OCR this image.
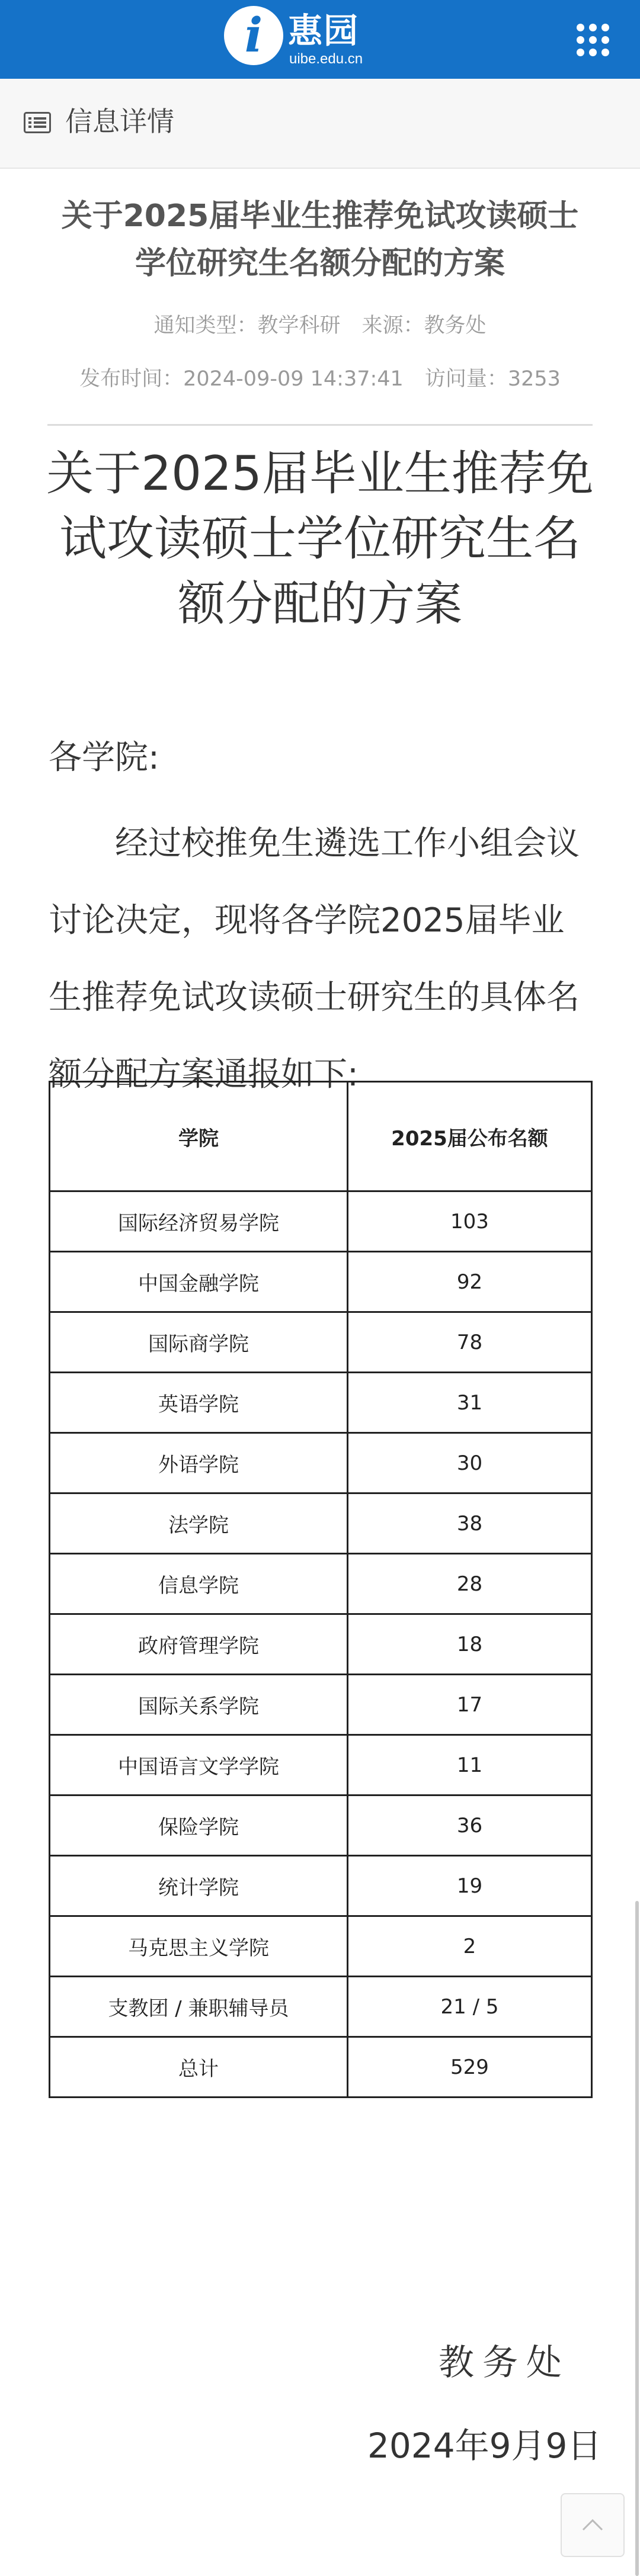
i 惠园
uibe.edu.cn
信息详情
关于2025届毕业生推荐免试攻读硕士学位研究生名额分配的方案
通知类型：教学科研 来源：教务处
发布时间：2024-09-09 14:37:41 访问量：3253
关于2025届毕业生推荐免试攻读硕士学位研究生名额分配的方案
各学院:
经过校推免生遴选工作小组会议讨论决定，现将各学院2025届毕业生推荐免试攻读硕士研究生的具体名额分配方案通报如下:
学院	2025届公布名额
国际经济贸易学院	103
中国金融学院	92
国际商学院	78
英语学院	31
外语学院	30
法学院	38
信息学院	28
政府管理学院	18
国际关系学院	17
中国语言文学学院	11
保险学院	36
统计学院	19
马克思主义学院	2
支教团 / 兼职辅导员	21 / 5
总计	529
教务处
2024年9月9日
